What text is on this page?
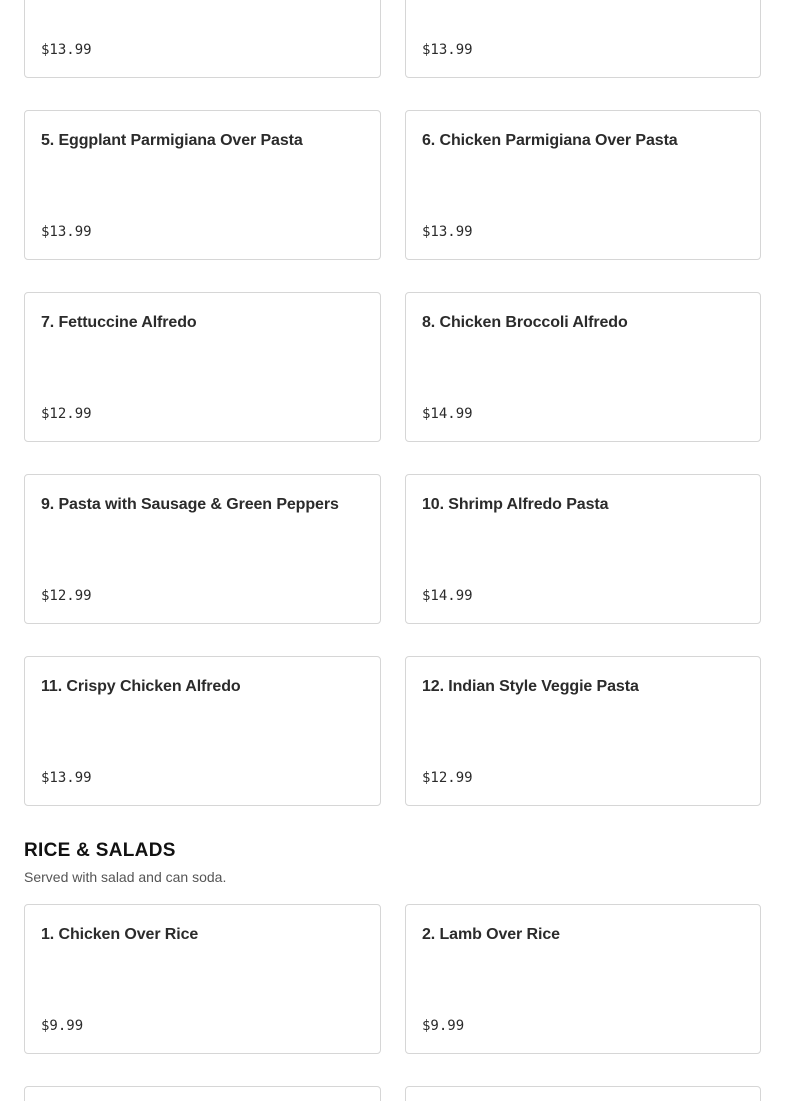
$13.99	$13.99
5. Eggplant Parmigiana Over Pasta
$13.99
6. Chicken Parmigiana Over Pasta
$13.99
7. Fettuccine Alfredo
$12.99
8. Chicken Broccoli Alfredo
$14.99
9. Pasta with Sausage & Green Peppers
$12.99
10. Shrimp Alfredo Pasta
$14.99
11. Crispy Chicken Alfredo
$13.99
12. Indian Style Veggie Pasta
$12.99
RICE & SALADS

Served with salad and can soda.

1. Chicken Over Rice
$9.99
2. Lamb Over Rice
$9.99
